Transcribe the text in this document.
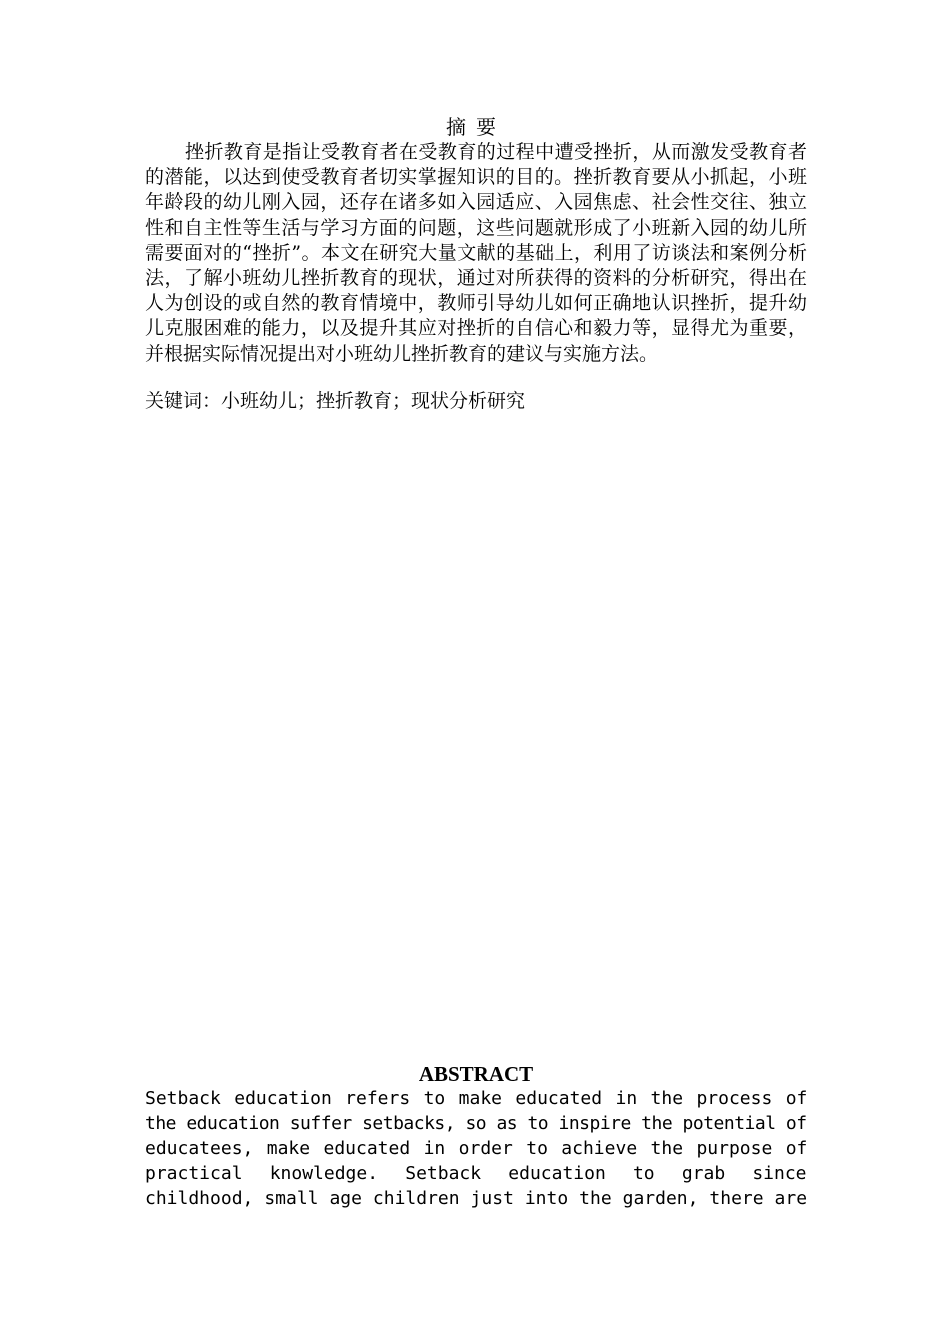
摘要
挫折教育是指让受教育者在受教育的过程中遭受挫折，从而激发受教育者的潜能，以达到使受教育者切实掌握知识的目的。挫折教育要从小抓起，小班年龄段的幼儿刚入园，还存在诸多如入园适应、入园焦虑、社会性交往、独立性和自主性等生活与学习方面的问题，这些问题就形成了小班新入园的幼儿所需要面对的“挫折”。本文在研究大量文献的基础上，利用了访谈法和案例分析法，了解小班幼儿挫折教育的现状，通过对所获得的资料的分析研究，得出在人为创设的或自然的教育情境中，教师引导幼儿如何正确地认识挫折，提升幼儿克服困难的能力，以及提升其应对挫折的自信心和毅力等，显得尤为重要，并根据实际情况提出对小班幼儿挫折教育的建议与实施方法。
关键词：小班幼儿；挫折教育；现状分析研究
ABSTRACT
Setback education refers to make educated in the process of
the education suffer setbacks, so as to inspire the potential of
educatees, make educated in order to achieve the purpose of
practical knowledge. Setback education to grab since
childhood, small age children just into the garden, there are
